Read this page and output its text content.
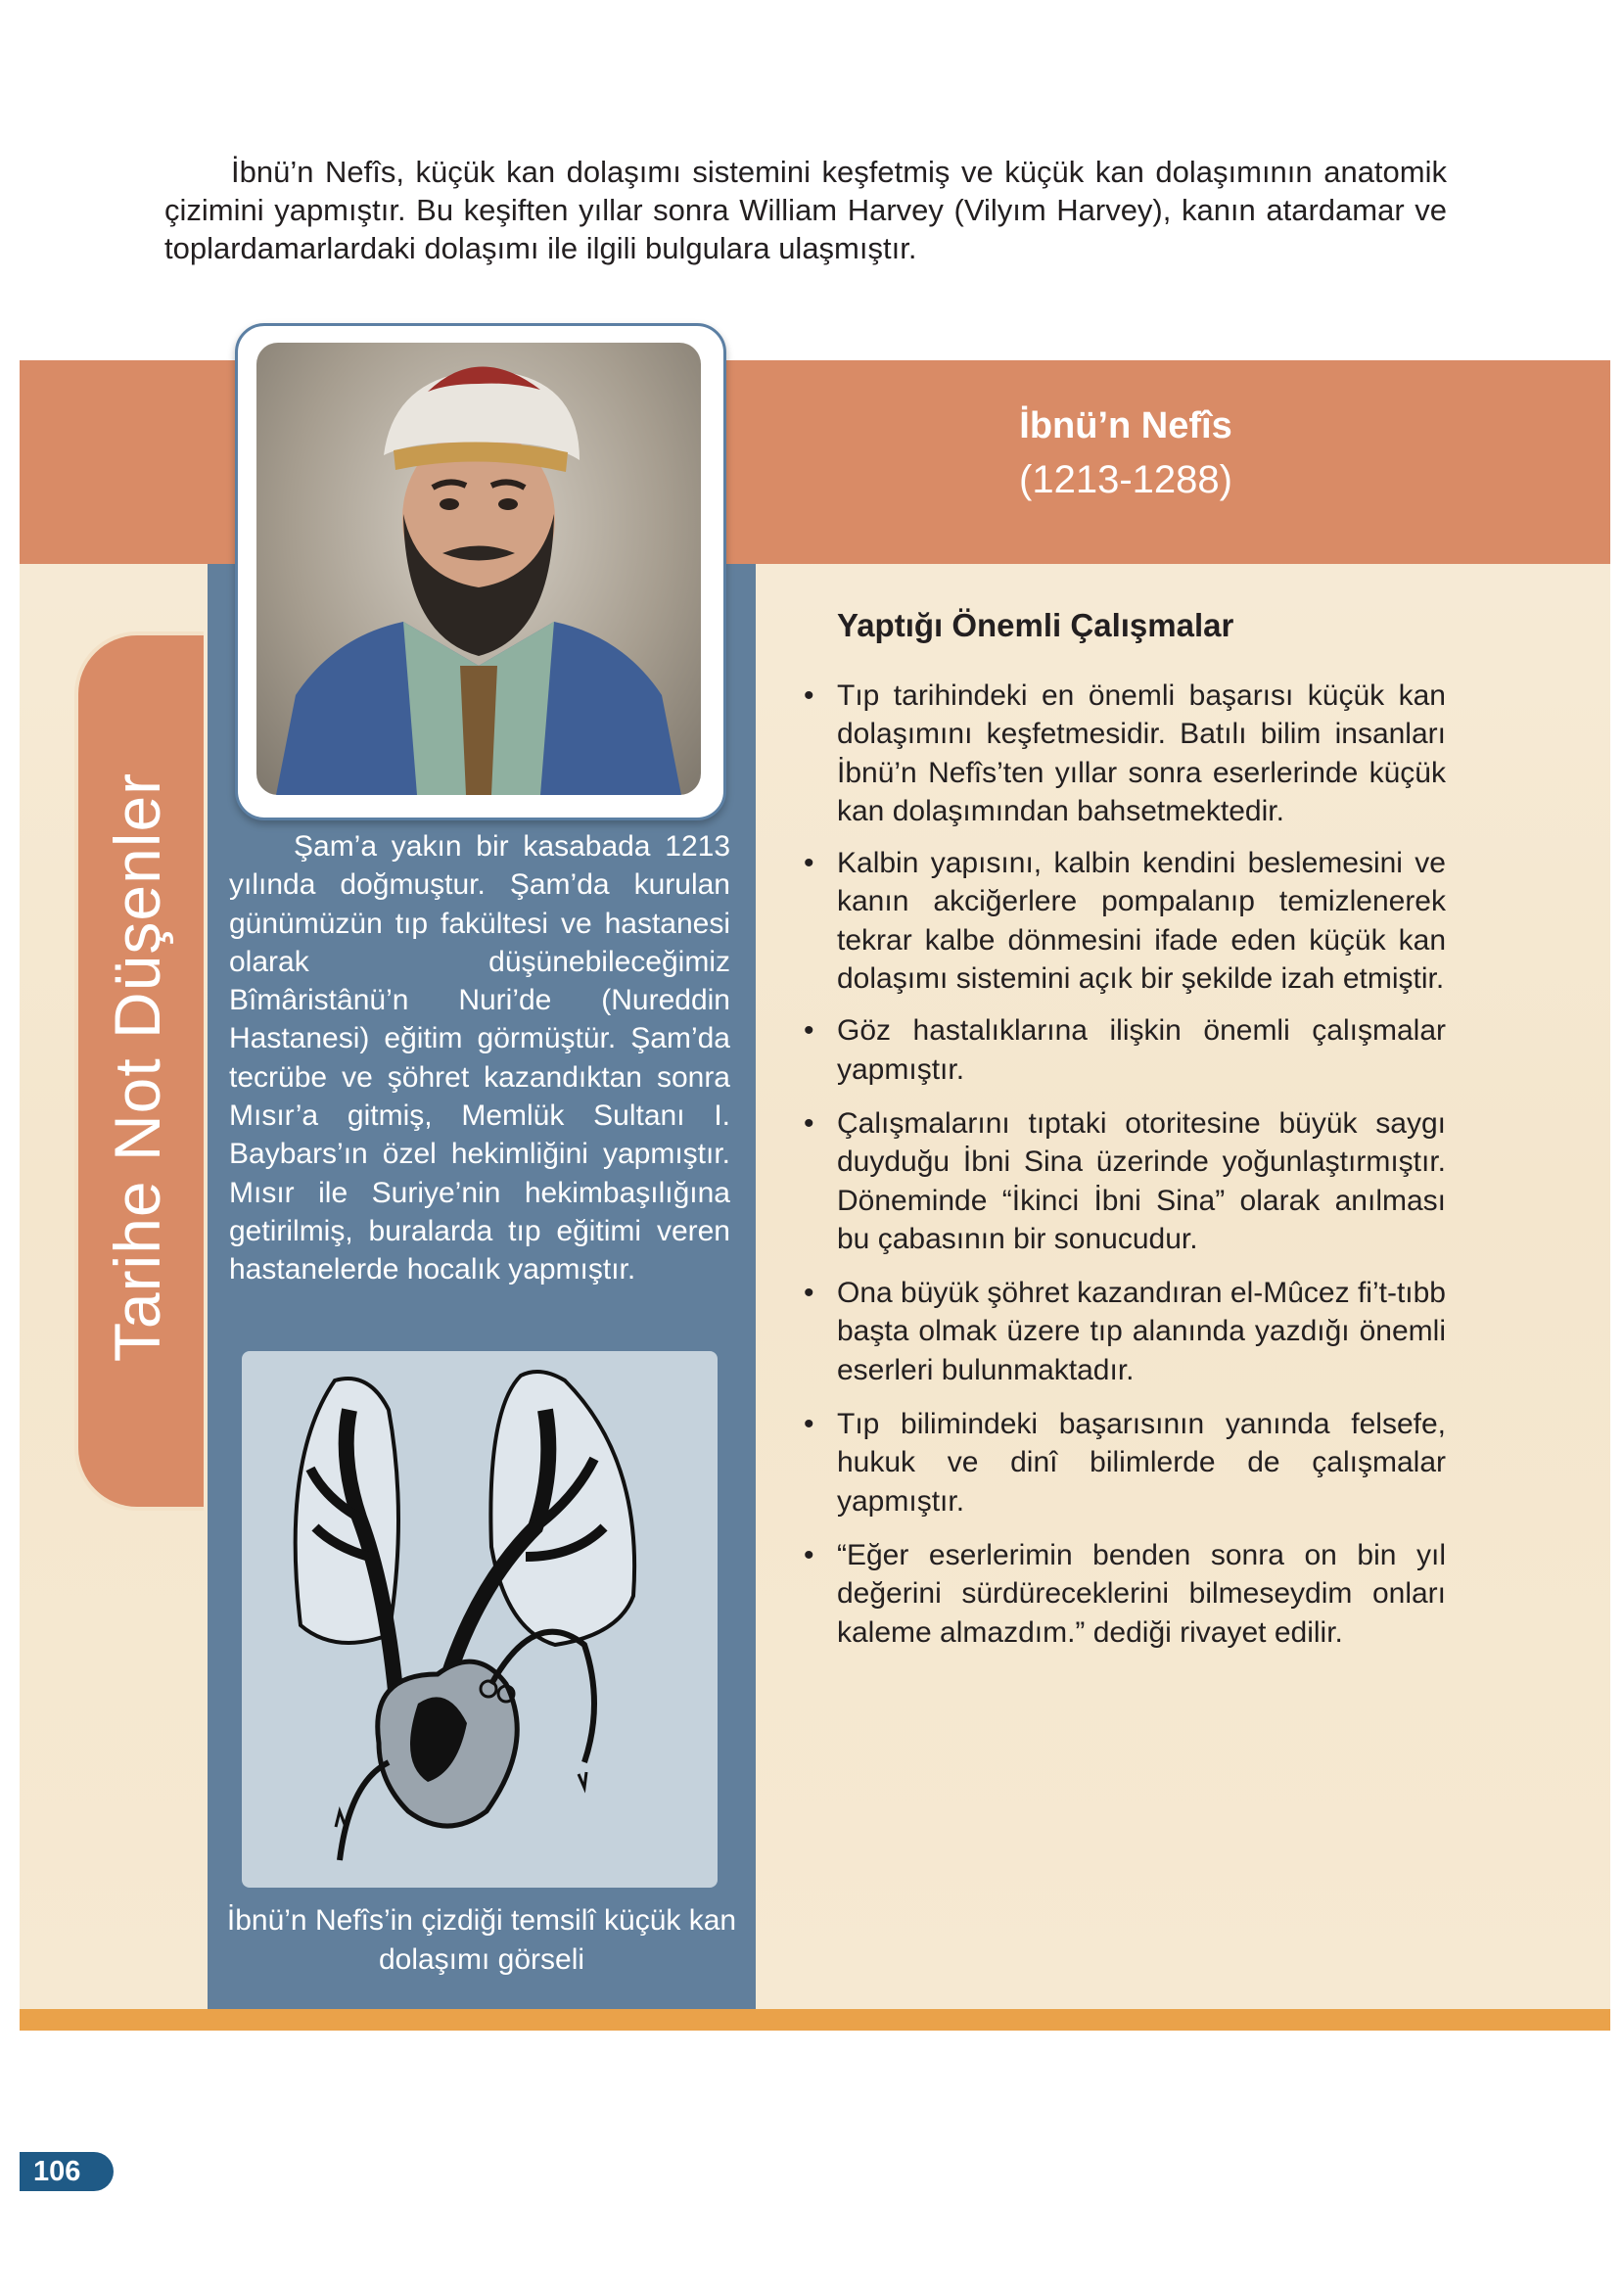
İbnü’n Nefîs, küçük kan dolaşımı sistemini keşfetmiş ve küçük kan dolaşımının anatomik çizimini yapmıştır. Bu keşiften yıllar sonra William Harvey (Vilyım Harvey), kanın atardamar ve toplardamarlardaki dolaşımı ile ilgili bulgulara ulaşmıştır.

İbnü’n Nefîs
(1213-1288)
Tarihe Not Düşenler	Şam’a yakın bir kasabada 1213 yılında doğmuştur. Şam’da kurulan günümüzün tıp fakültesi ve hastanesi olarak düşünebileceğimiz Bîmâristânü’n Nuri’de (Nureddin Hastanesi) eğitim görmüştür. Şam’da tecrübe ve şöhret kazandıktan sonra Mısır’a gitmiş, Memlük Sultanı I. Baybars’ın özel hekimliğini yapmıştır. Mısır ile Suriye’nin hekimbaşılığına getirilmiş, buralarda tıp eğitimi veren hastanelerde hocalık yapmıştır.

İbnü’n Nefîs’in çizdiği temsilî küçük kan dolaşımı görseli

Yaptığı Önemli Çalışmalar
• Tıp tarihindeki en önemli başarısı küçük kan dolaşımını keşfetmesidir. Batılı bilim insanları İbnü’n Nefîs’ten yıllar sonra eserlerinde küçük kan dolaşımından bahsetmektedir.
• Kalbin yapısını, kalbin kendini beslemesini ve kanın akciğerlere pompalanıp temizlenerek tekrar kalbe dönmesini ifade eden küçük kan dolaşımı sistemini açık bir şekilde izah etmiştir.
• Göz hastalıklarına ilişkin önemli çalışmalar yapmıştır.
• Çalışmalarını tıptaki otoritesine büyük saygı duyduğu İbni Sina üzerinde yoğunlaştırmıştır. Döneminde “İkinci İbni Sina” olarak anılması bu çabasının bir sonucudur.
• Ona büyük şöhret kazandıran el-Mûcez fi’t-tıbb başta olmak üzere tıp alanında yazdığı önemli eserleri bulunmaktadır.
• Tıp bilimindeki başarısının yanında felsefe, hukuk ve dinî bilimlerde de çalışmalar yapmıştır.
• “Eğer eserlerimin benden sonra on bin yıl değerini sürdüreceklerini bilmeseydim onları kaleme almazdım.” dediği rivayet edilir.
106
